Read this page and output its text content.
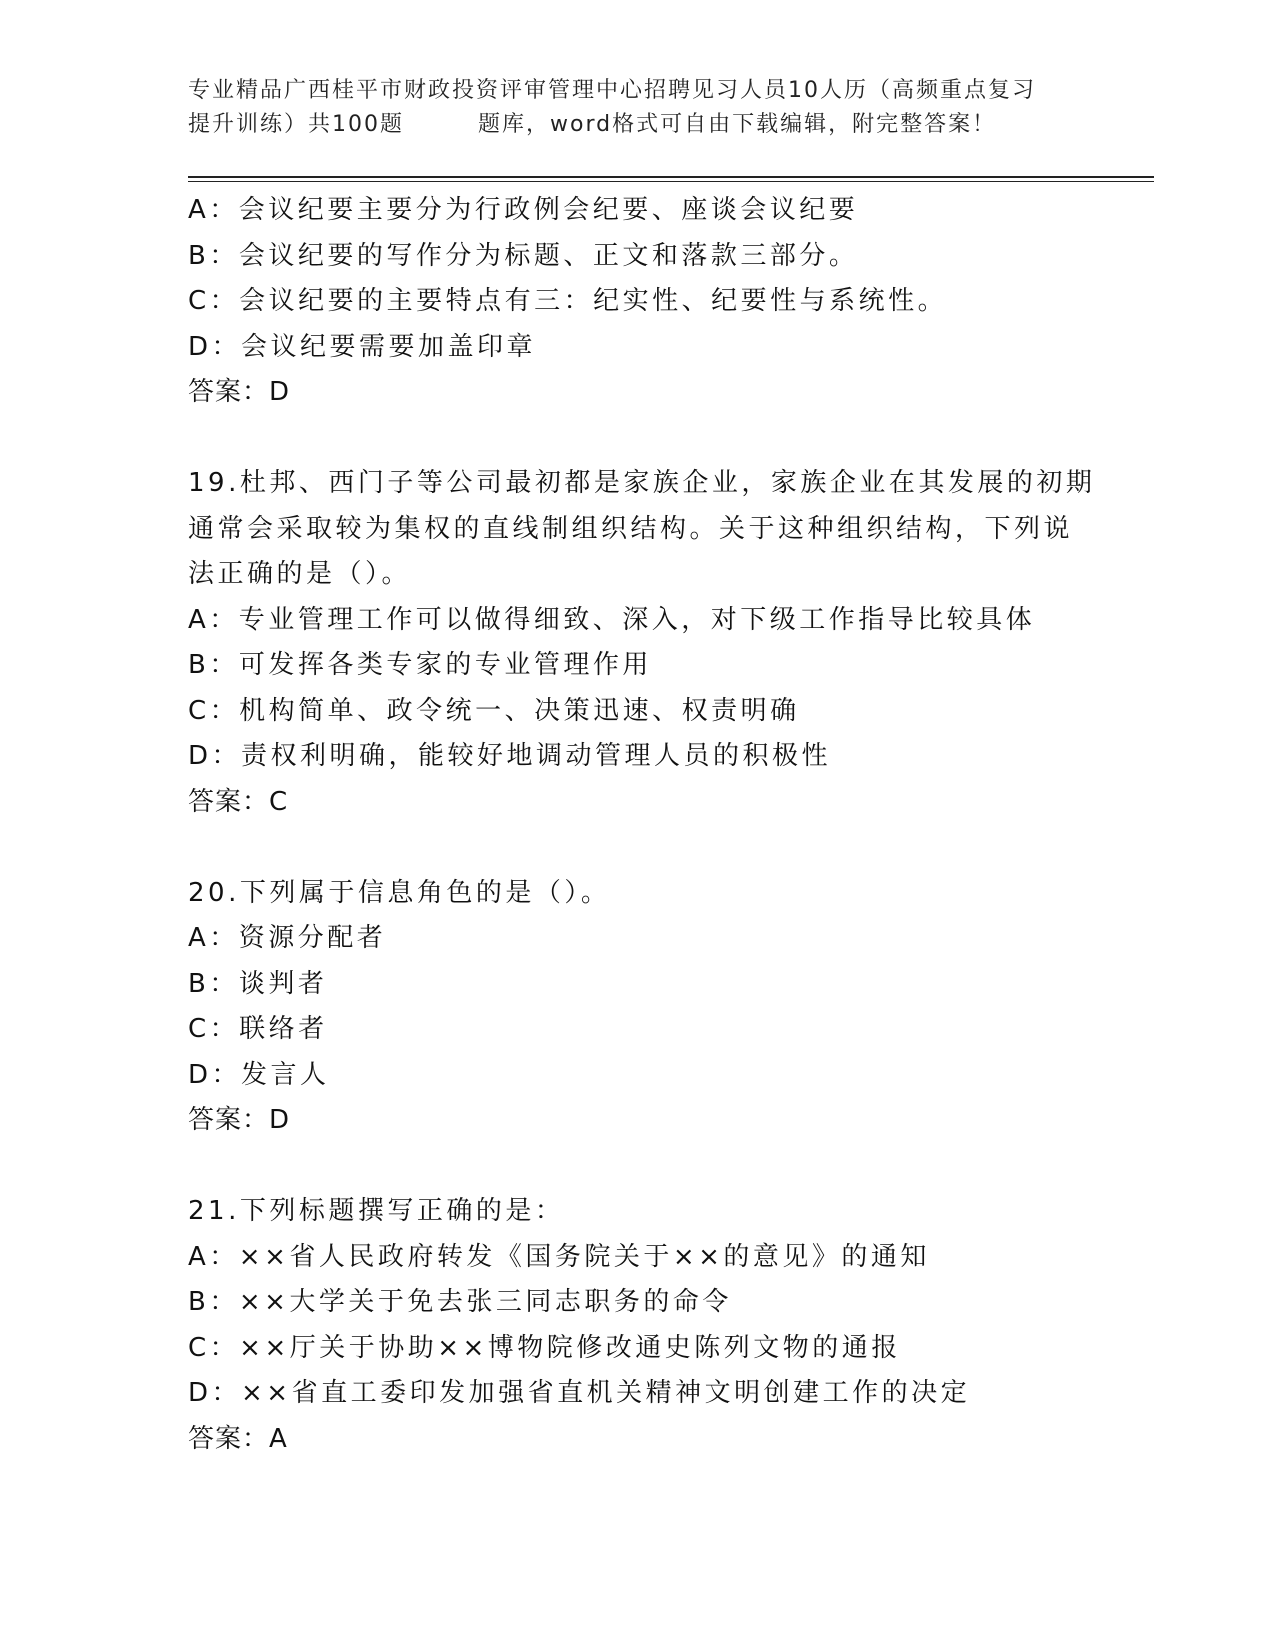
专业精品广西桂平市财政投资评审管理中心招聘见习人员10人历（高频重点复习
提升训练）共100题	题库，word格式可自由下载编辑，附完整答案！
A：会议纪要主要分为行政例会纪要、座谈会议纪要
B：会议纪要的写作分为标题、正文和落款三部分。
C：会议纪要的主要特点有三：纪实性、纪要性与系统性。
D：会议纪要需要加盖印章
答案：D
19.杜邦、西门子等公司最初都是家族企业，家族企业在其发展的初期
通常会采取较为集权的直线制组织结构。关于这种组织结构，下列说
法正确的是（）。
A：专业管理工作可以做得细致、深入，对下级工作指导比较具体
B：可发挥各类专家的专业管理作用
C：机构简单、政令统一、决策迅速、权责明确
D：责权利明确，能较好地调动管理人员的积极性
答案：C
20.下列属于信息角色的是（）。
A：资源分配者
B：谈判者
C：联络者
D：发言人
答案：D
21.下列标题撰写正确的是：
A：××省人民政府转发《国务院关于××的意见》的通知
B：××大学关于免去张三同志职务的命令
C：××厅关于协助××博物院修改通史陈列文物的通报
D：××省直工委印发加强省直机关精神文明创建工作的决定
答案：A
